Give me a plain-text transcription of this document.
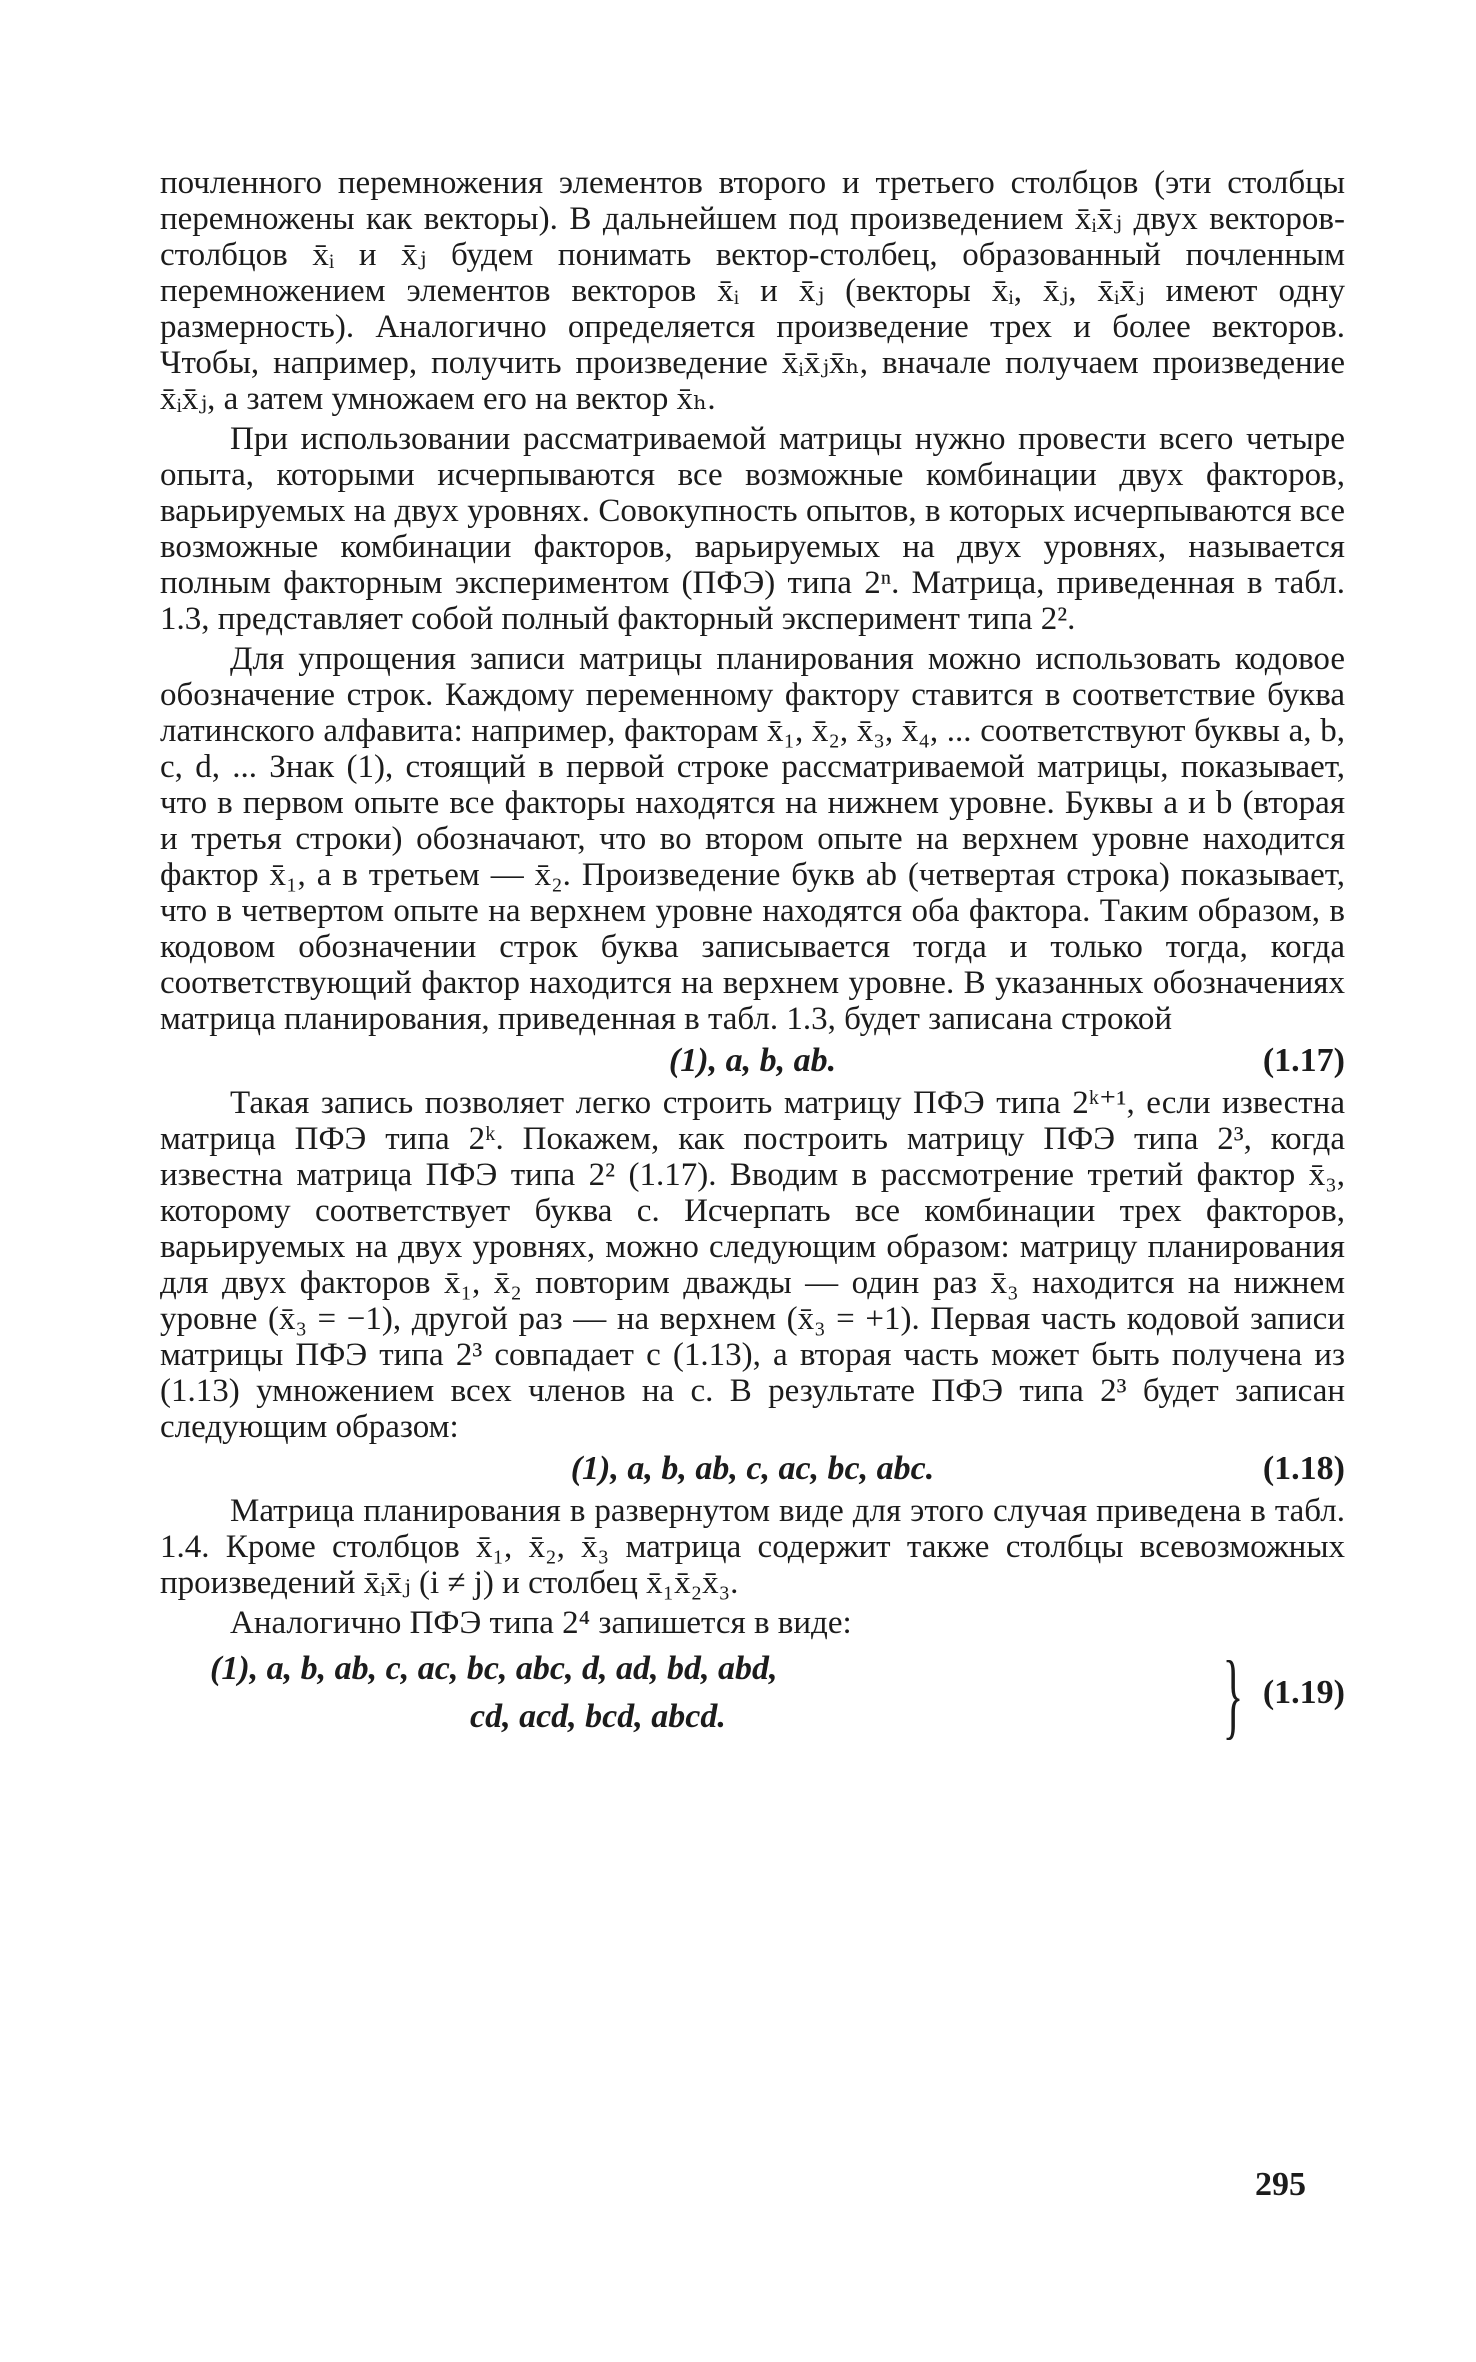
почленного перемножения элементов второго и третьего столбцов (эти столбцы перемножены как векторы). В дальнейшем под произведением x̄ᵢx̄ⱼ двух векторов-столбцов x̄ᵢ и x̄ⱼ будем понимать вектор-столбец, образованный почленным перемножением элементов векторов x̄ᵢ и x̄ⱼ (векторы x̄ᵢ, x̄ⱼ, x̄ᵢx̄ⱼ имеют одну размерность). Аналогично определяется произведение трех и более векторов. Чтобы, например, получить произведение x̄ᵢx̄ⱼx̄ₕ, вначале получаем произведение x̄ᵢx̄ⱼ, а затем умножаем его на вектор x̄ₕ.

При использовании рассматриваемой матрицы нужно провести всего четыре опыта, которыми исчерпываются все возможные комбинации двух факторов, варьируемых на двух уровнях. Совокупность опытов, в которых исчерпываются все возможные комбинации факторов, варьируемых на двух уровнях, называется полным факторным экспериментом (ПФЭ) типа 2ⁿ. Матрица, приведенная в табл. 1.3, представляет собой полный факторный эксперимент типа 2².

Для упрощения записи матрицы планирования можно использовать кодовое обозначение строк. Каждому переменному фактору ставится в соответствие буква латинского алфавита: например, факторам x̄₁, x̄₂, x̄₃, x̄₄, ... соответствуют буквы a, b, c, d, ... Знак (1), стоящий в первой строке рассматриваемой матрицы, показывает, что в первом опыте все факторы находятся на нижнем уровне. Буквы a и b (вторая и третья строки) обозначают, что во втором опыте на верхнем уровне находится фактор x̄₁, а в третьем — x̄₂. Произведение букв ab (четвертая строка) показывает, что в четвертом опыте на верхнем уровне находятся оба фактора. Таким образом, в кодовом обозначении строк буква записывается тогда и только тогда, когда соответствующий фактор находится на верхнем уровне. В указанных обозначениях матрица планирования, приведенная в табл. 1.3, будет записана строкой

(1), a, b, ab.	(1.17)

Такая запись позволяет легко строить матрицу ПФЭ типа 2ᵏ⁺¹, если известна матрица ПФЭ типа 2ᵏ. Покажем, как построить матрицу ПФЭ типа 2³, когда известна матрица ПФЭ типа 2² (1.17). Вводим в рассмотрение третий фактор x̄₃, которому соответствует буква c. Исчерпать все комбинации трех факторов, варьируемых на двух уровнях, можно следующим образом: матрицу планирования для двух факторов x̄₁, x̄₂ повторим дважды — один раз x̄₃ находится на нижнем уровне (x̄₃ = −1), другой раз — на верхнем (x̄₃ = +1). Первая часть кодовой записи матрицы ПФЭ типа 2³ совпадает с (1.13), а вторая часть может быть получена из (1.13) умножением всех членов на c. В результате ПФЭ типа 2³ будет записан следующим образом:

(1), a, b, ab, c, ac, bc, abc.	(1.18)

Матрица планирования в развернутом виде для этого случая приведена в табл. 1.4. Кроме столбцов x̄₁, x̄₂, x̄₃ матрица содержит также столбцы всевозможных произведений x̄ᵢx̄ⱼ (i ≠ j) и столбец x̄₁x̄₂x̄₃.

Аналогично ПФЭ типа 2⁴ запишется в виде:

(1), a, b, ab, c, ac, bc, abc, d, ad, bd, abd,
cd, acd, bcd, abcd.	} (1.19)
295
